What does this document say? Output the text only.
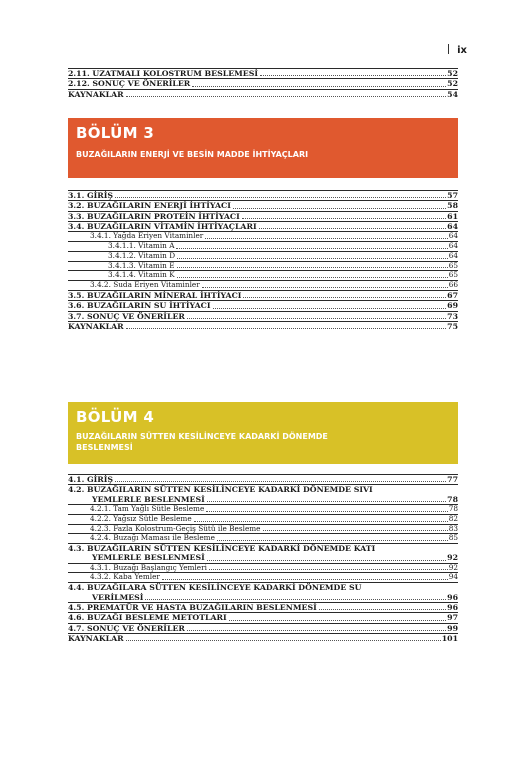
ix
2.11. UZATMALI KOLOSTRUM BESLEMESİ	52
2.12. SONUÇ VE ÖNERİLER	52
KAYNAKLAR	54
BÖLÜM 3
BUZAĞILARIN ENERJİ VE BESİN MADDE İHTİYAÇLARI
3.1. GİRİŞ	57
3.2. BUZAĞILARIN ENERJİ İHTİYACI	58
3.3. BUZAĞILARIN PROTEİN İHTİYACI	61
3.4. BUZAĞILARIN VİTAMİN İHTİYAÇLARI	64
3.4.1. Yağda Eriyen Vitaminler	64
3.4.1.1. Vitamin A	64
3.4.1.2. Vitamin D	64
3.4.1.3. Vitamin E	65
3.4.1.4. Vitamin K	65
3.4.2. Suda Eriyen Vitaminler	66
3.5. BUZAĞILARIN MİNERAL İHTİYACI	67
3.6. BUZAĞILARIN SU İHTİYACI	69
3.7. SONUÇ VE ÖNERİLER	73
KAYNAKLAR	75
BÖLÜM 4
BUZAĞILARIN SÜTTEN KESİLİNCEYE KADARKİ DÖNEMDE
BESLENMESİ
4.1. GİRİŞ	77
4.2. BUZAĞILARIN SÜTTEN KESİLİNCEYE KADARKİ DÖNEMDE SIVI
YEMLERLE BESLENMESİ	78
4.2.1. Tam Yağlı Sütle Besleme	78
4.2.2. Yağsız Sütle Besleme	82
4.2.3. Fazla Kolostrum-Geçiş Sütü ile Besleme	83
4.2.4. Buzağı Maması ile Besleme	85
4.3. BUZAĞILARIN SÜTTEN KESİLİNCEYE KADARKİ DÖNEMDE KATI
YEMLERLE BESLENMESİ	92
4.3.1. Buzağı Başlangıç Yemleri	92
4.3.2. Kaba Yemler	94
4.4. BUZAĞILARA SÜTTEN KESİLİNCEYE KADARKİ DÖNEMDE SU
VERİLMESİ	96
4.5. PREMATÜR VE HASTA BUZAĞILARIN BESLENMESİ	96
4.6. BUZAĞI BESLEME METOTLARI	97
4.7. SONUÇ VE ÖNERİLER	99
KAYNAKLAR	101
